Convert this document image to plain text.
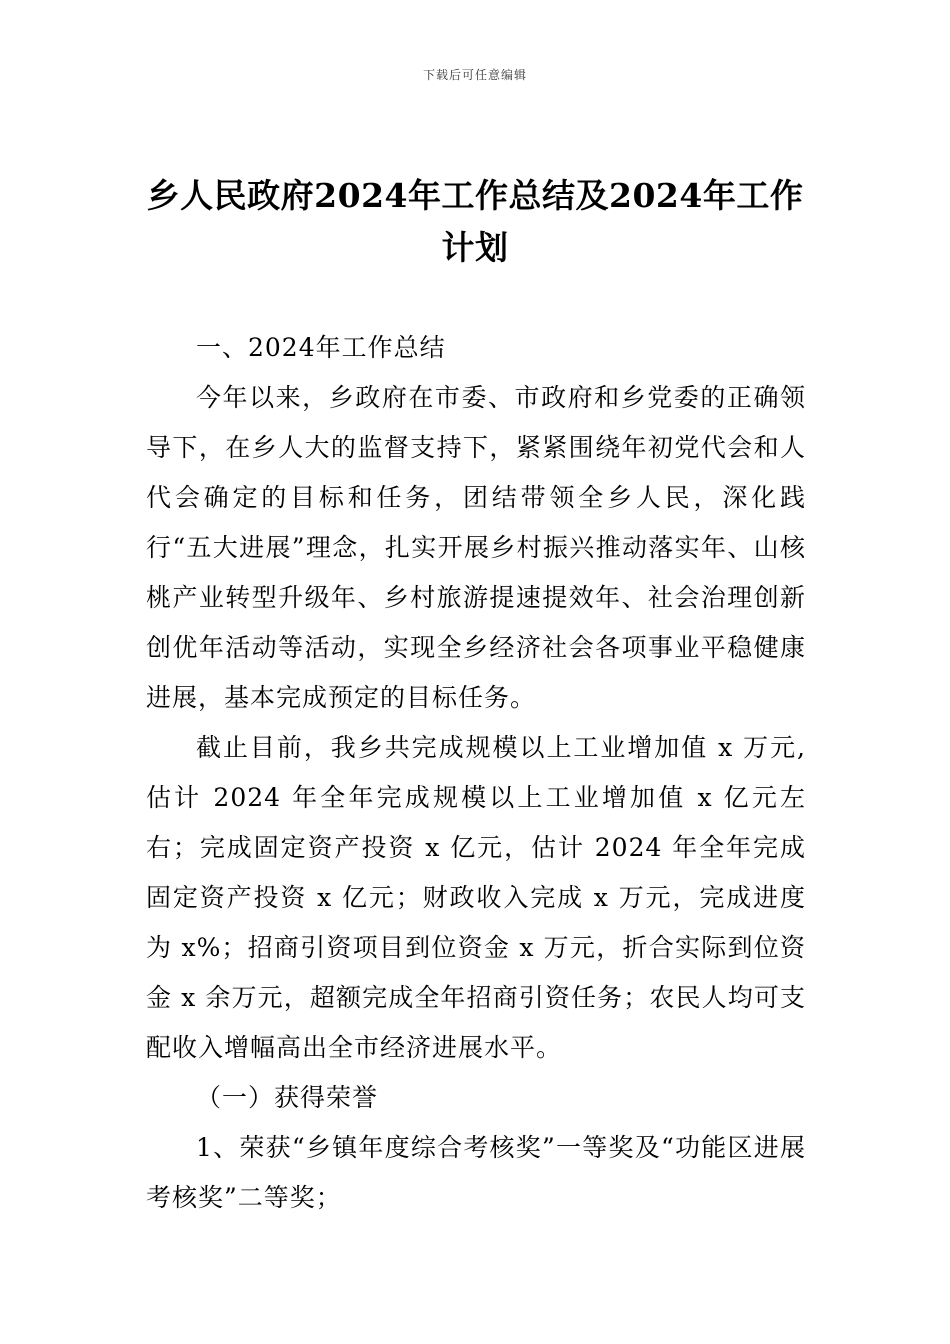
下载后可任意编辑
乡人民政府2024年工作总结及2024年工作计划

一、2024年工作总结

今年以来，乡政府在市委、市政府和乡党委的正确领导下，在乡人大的监督支持下，紧紧围绕年初党代会和人代会确定的目标和任务，团结带领全乡人民，深化践行“五大进展”理念，扎实开展乡村振兴推动落实年、山核桃产业转型升级年、乡村旅游提速提效年、社会治理创新创优年活动等活动，实现全乡经济社会各项事业平稳健康进展，基本完成预定的目标任务。

截止目前，我乡共完成规模以上工业增加值 x 万元,估计 2024 年全年完成规模以上工业增加值 x 亿元左右；完成固定资产投资 x 亿元，估计 2024 年全年完成固定资产投资 x 亿元；财政收入完成 x 万元，完成进度为 x%；招商引资项目到位资金 x 万元，折合实际到位资金 x 余万元，超额完成全年招商引资任务；农民人均可支配收入增幅高出全市经济进展水平。

（一）获得荣誉

1、荣获“乡镇年度综合考核奖”一等奖及“功能区进展考核奖”二等奖；
